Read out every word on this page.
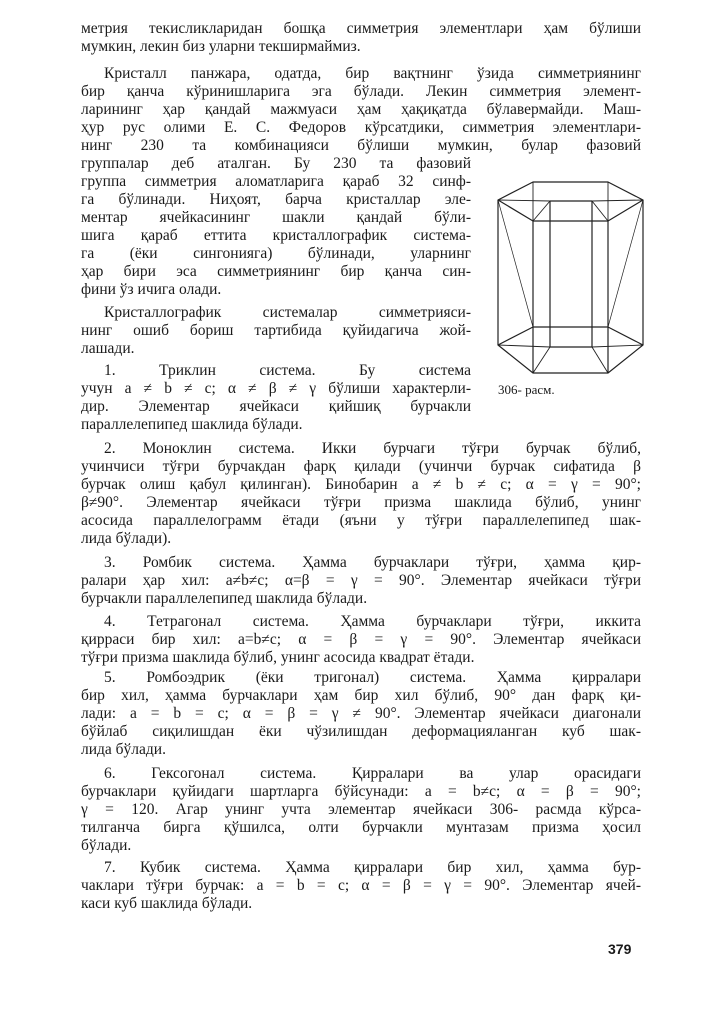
метрия текисликларидан бошқа симметрия элементлари ҳам бўлиши

мумкин, лекин биз уларни текширмаймиз.

Кристалл панжара, одатда, бир вақтнинг ўзида симметриянинг

бир қанча кўринишларига эга бўлади. Лекин симметрия элемент-

ларининг ҳар қандай мажмуаси ҳам ҳақиқатда бўлавермайди. Маш-

ҳур рус олими Е. С. Федоров кўрсатдики, симметрия элементлари-

нинг 230 та комбинацияси бўлиши мумкин, булар фазовий

группалар деб аталган. Бу 230 та фазовий

группа симметрия аломатларига қараб 32 синф-

га бўлинади. Ниҳоят, барча кристаллар эле-

ментар ячейкасининг шакли қандай бўли-

шига қараб еттита кристаллографик системa-

га (ёки сингонияга) бўлинади, уларнинг

ҳар бири эса симметриянинг бир қанча син-

фини ўз ичига олади.

Кристаллографик системалар симметрияси-

нинг ошиб бориш тартибида қуйидагича жой-

лашади.

1. Триклин система. Бу система

учун a ≠ b ≠ c; α ≠ β ≠ γ бўлиши характерли-

дир. Элементар ячейкаси қийшиқ бурчакли

параллелепипед шаклида бўлади.

2. Моноклин система. Икки бурчаги тўғри бурчак бўлиб,

учинчиси тўғри бурчакдан фарқ қилади (учинчи бурчак сифатида β

бурчак олиш қабул қилинган). Бинобарин a ≠ b ≠ c; α = γ = 90°;

β≠90°. Элементар ячейкаси тўғри призма шаклида бўлиб, унинг

асосида параллелограмм ётади (яъни у тўғри параллелепипед шак-

лида бўлади).

3. Ромбик система. Ҳамма бурчаклари тўғри, ҳамма қир-

ралари ҳар хил: a≠b≠c; α=β = γ = 90°. Элементар ячейкаси тўғри

бурчакли параллелепипед шаклида бўлади.

4. Тетрагонал система. Ҳамма бурчаклари тўғри, иккита

қирраси бир хил: a=b≠c; α = β = γ = 90°. Элементар ячейкаси

тўғри призма шаклида бўлиб, унинг асосида квадрат ётади.

5. Ромбоэдрик (ёки тригонал) система. Ҳамма қирралари

бир хил, ҳамма бурчаклари ҳам бир хил бўлиб, 90° дан фарқ қи-

лади: a = b = c; α = β = γ ≠ 90°. Элементар ячейкаси диагонали

бўйлаб сиқилишдан ёки чўзилишдан деформацияланган куб шак-

лида бўлади.

6. Гексогонал система. Қирралари ва улар орасидаги

бурчаклари қуйидаги шартларга бўйсунади: a = b≠c; α = β = 90°;

γ = 120. Агар унинг учта элементар ячейкаси 306- расмда кўрса-

тилганча бирга қўшилса, олти бурчакли мунтазам призма ҳосил

бўлади.

7. Кубик система. Ҳамма қирралари бир хил, ҳамма бур-

чаклари тўғри бурчак: a = b = c; α = β = γ = 90°. Элементар ячей-

каси куб шаклида бўлади.

306- расм.

379
